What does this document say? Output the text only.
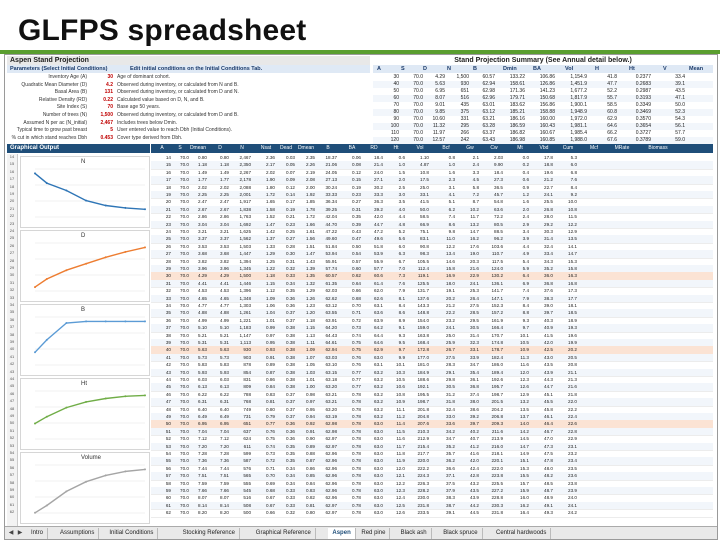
GLFPS spreadsheet
Aspen Stand Projection	Stand Projection Summary (See Annual detail below.)
Parameters (Select Initial Conditions)	Edit initial conditions on the Initial Conditions Tab.	A	S	D	N	B	Dmin	BA	Vol	H	Ht	V	Mean
Inventory Age (A)	30 Age of dominant cohort.
Quadratic Mean Diameter (D)	4.2 Observed during inventory, or calculated from N and B.
Basal Area (B)	131 Observed during inventory, or calculated from D and N.
Relative Density (RD)	0.22 Calculated value based on D, N, and B.
Site Index (S)	70 Base age 50 years.
Number of trees (N)	1,500 Observed during inventory, or calculated from D and B.
Assumed N per ac (N_initial)	2,467 Includes trees below Dmin.
Typical time to grow past breast	5 User entered value to reach Dbh (Initial Conditions).
% cut in which stand reaches Dbh	0.453 Cover type derived from Dbh.
30	70.0	4.29	1,500	60.57	133.22	106.86	1,154.9	41.8	0.2377	33.4
40	70.0	5.63	930	62.94	158.61	126.86	1,451.9	47.7	0.2683	39.1
50	70.0	6.95	651	62.98	171.36	141.23	1,677.2	52.2	0.2987	43.5
60	70.0	8.07	516	62.96	179.71	150.68	1,817.9	55.7	0.3193	47.1
70	70.0	9.01	435	63.01	183.62	156.86	1,900.1	58.5	0.3349	50.0
80	70.0	9.85	375	63.12	185.21	158.88	1,948.9	60.8	0.3469	52.3
90	70.0	10.60	331	63.21	186.16	160.00	1,972.0	62.9	0.3570	54.3
100	70.0	11.32	295	63.28	186.59	160.43	1,981.1	64.6	0.3654	56.1
110	70.0	11.97	266	63.37	186.82	160.67	1,985.4	66.2	0.3727	57.7
120	70.0	12.57	242	63.43	186.98	160.85	1,988.0	67.6	0.3789	59.0
Graphical Output	A	S	Dmean	D	N	Nsat	Dead	Dmean	B	BA	RD	Ht	Vol	Bcf	Gw	Cw	Mt	Vbd	Cum	Mcf	MRate	Biomass
14
15
16
17
18
19
20
21
22
23
24
25
26
27
28
29
30
31
32
33
34
35
36
37
38
39
40
41
42
43
44
45
46
47
48
49
50
51
52
53
54
55
56
57
58
59
60
61
62
N
D
B
Ht
Volume
14	70.0	0.80	0.80	2,467	2.36	0.03	2.35	18.37	0.06	18.4	0.6	1.10	0.8	2.1	2.03	0.0	17.8	5.3
15	70.0	1.18	1.18	2,350	2.17	0.05	2.26	21.06	0.08	21.4	1.0	4.87	1.0	2.4	9.90	0.2	18.8	6.0
16	70.0	1.49	1.49	2,267	2.02	0.07	2.19	24.05	0.12	24.0	1.5	10.8	1.6	3.3	18.4	0.4	19.6	6.8
17	70.0	1.77	1.77	2,178	1.90	0.09	2.08	27.13	0.15	27.1	2.0	17.5	2.3	4.5	27.3	0.6	21.2	7.6
18	70.0	2.02	2.02	2,088	1.80	0.12	2.00	30.24	0.19	30.2	2.5	25.0	3.1	5.8	36.5	0.9	22.7	8.4
19	70.0	2.25	2.25	2,001	1.72	0.14	1.92	33.33	0.23	33.3	3.0	33.1	4.1	7.2	45.7	1.2	24.1	9.2
20	70.0	2.47	2.47	1,917	1.65	0.17	1.85	36.34	0.27	36.3	3.5	41.5	5.1	8.7	54.8	1.6	25.5	10.0
21	70.0	2.67	2.67	1,838	1.58	0.19	1.78	39.25	0.31	39.2	4.0	50.0	6.2	10.2	63.6	2.0	26.8	10.8
22	70.0	2.86	2.86	1,763	1.52	0.21	1.72	42.04	0.35	42.0	4.4	58.5	7.4	11.7	72.2	2.4	28.0	11.5
23	70.0	3.04	3.04	1,692	1.47	0.23	1.66	44.70	0.39	44.7	4.8	66.9	8.6	13.2	80.5	2.9	29.2	12.2
24	70.0	3.21	3.21	1,625	1.42	0.25	1.61	47.22	0.43	47.2	5.2	75.1	9.8	14.7	88.5	3.4	30.3	12.9
25	70.0	3.37	3.37	1,562	1.37	0.27	1.56	49.60	0.47	49.6	5.6	83.1	11.0	16.2	96.2	3.9	31.4	13.5
26	70.0	3.53	3.53	1,503	1.33	0.28	1.51	51.84	0.50	51.8	6.0	90.8	12.2	17.6	103.6	4.4	32.4	14.1
27	70.0	3.68	3.68	1,447	1.29	0.30	1.47	53.94	0.54	53.9	6.3	98.3	13.4	19.0	110.7	4.9	33.4	14.7
28	70.0	3.82	3.82	1,394	1.25	0.31	1.43	55.91	0.57	55.9	6.7	105.5	14.6	20.3	117.5	5.4	34.3	15.3
29	70.0	3.96	3.96	1,345	1.22	0.32	1.39	57.74	0.60	57.7	7.0	112.4	15.8	21.6	124.0	5.9	35.2	15.8
30	70.0	4.29	4.29	1,500	1.18	0.33	1.35	60.57	0.62	60.6	7.3	119.1	16.9	22.9	130.2	6.4	36.0	16.3
31	70.0	4.41	4.41	1,446	1.15	0.34	1.32	61.35	0.64	61.4	7.6	125.5	18.0	24.1	136.1	6.9	36.8	16.8
32	70.0	4.53	4.53	1,396	1.12	0.35	1.29	62.03	0.66	62.0	7.9	131.7	19.1	25.3	141.7	7.4	37.6	17.3
33	70.0	4.65	4.65	1,348	1.09	0.36	1.26	62.62	0.68	62.6	8.1	137.6	20.2	26.4	147.1	7.9	38.3	17.7
34	70.0	4.77	4.77	1,303	1.06	0.36	1.23	63.12	0.70	63.1	8.4	143.3	21.2	27.5	152.3	8.4	39.0	18.1
35	70.0	4.88	4.88	1,261	1.04	0.37	1.20	63.55	0.71	63.6	8.6	148.8	22.2	28.5	157.2	8.8	39.7	18.5
36	70.0	4.99	4.99	1,221	1.01	0.37	1.18	63.91	0.72	63.9	8.9	154.0	23.2	29.5	161.9	9.3	40.3	18.9
37	70.0	5.10	5.10	1,183	0.99	0.38	1.15	64.20	0.73	64.2	9.1	159.0	24.1	30.5	166.4	9.7	40.9	19.3
38	70.0	5.21	5.21	1,147	0.97	0.38	1.13	64.43	0.74	64.4	9.3	163.8	25.0	31.4	170.7	10.1	41.5	19.6
39	70.0	5.31	5.31	1,113	0.95	0.38	1.11	64.61	0.75	64.6	9.5	168.4	25.9	32.3	174.8	10.5	42.0	19.9
40	70.0	5.63	5.63	930	0.93	0.38	1.09	62.94	0.75	62.9	9.7	172.8	26.7	33.1	178.7	10.9	42.5	20.2
41	70.0	5.73	5.73	903	0.91	0.38	1.07	63.03	0.76	63.0	9.9	177.0	27.5	33.9	182.4	11.3	43.0	20.5
42	70.0	5.83	5.83	878	0.89	0.38	1.05	63.10	0.76	63.1	10.1	181.0	28.3	34.7	186.0	11.6	43.5	20.8
43	70.0	5.93	5.93	854	0.87	0.38	1.03	63.15	0.77	63.2	10.3	184.9	29.1	35.4	189.4	12.0	43.9	21.1
44	70.0	6.03	6.03	831	0.86	0.38	1.01	63.18	0.77	63.2	10.5	188.6	29.8	36.1	192.6	12.3	44.3	21.3
45	70.0	6.13	6.13	809	0.84	0.38	1.00	63.20	0.77	63.2	10.6	192.1	30.5	36.8	195.7	12.6	44.7	21.6
46	70.0	6.22	6.22	788	0.83	0.37	0.98	63.21	0.78	63.2	10.8	195.5	31.2	37.4	198.7	12.9	45.1	21.8
47	70.0	6.31	6.31	768	0.81	0.37	0.97	63.21	0.78	63.2	10.9	198.7	31.8	38.0	201.5	13.2	45.5	22.0
48	70.0	6.40	6.40	749	0.80	0.37	0.95	63.20	0.78	63.2	11.1	201.8	32.4	38.6	204.2	13.5	45.8	22.2
49	70.0	6.49	6.49	731	0.79	0.37	0.94	63.19	0.78	63.2	11.2	204.8	33.0	39.2	206.8	13.7	46.1	22.4
50	70.0	6.95	6.95	651	0.77	0.36	0.92	62.98	0.78	63.0	11.4	207.6	33.6	39.7	209.3	14.0	46.4	22.6
51	70.0	7.04	7.04	637	0.76	0.36	0.91	62.98	0.78	63.0	11.5	210.3	34.2	40.2	211.6	14.2	46.7	22.8
52	70.0	7.12	7.12	624	0.75	0.36	0.90	62.97	0.78	63.0	11.6	212.9	34.7	40.7	213.9	14.5	47.0	22.9
53	70.0	7.20	7.20	611	0.74	0.35	0.89	62.97	0.78	63.0	11.7	215.4	35.2	41.2	216.0	14.7	47.3	23.1
54	70.0	7.28	7.28	599	0.73	0.35	0.88	62.96	0.78	63.0	11.8	217.7	35.7	41.6	218.1	14.9	47.5	23.2
55	70.0	7.36	7.36	587	0.72	0.35	0.87	62.96	0.78	63.0	11.9	220.0	36.2	42.0	220.1	15.1	47.8	23.4
56	70.0	7.44	7.44	576	0.71	0.34	0.86	62.96	0.78	63.0	12.0	222.2	36.6	42.4	222.0	15.3	48.0	23.5
57	70.0	7.51	7.51	565	0.70	0.34	0.85	62.96	0.78	63.0	12.1	224.3	37.1	42.8	223.8	15.5	48.2	23.6
58	70.0	7.59	7.59	555	0.69	0.34	0.84	62.96	0.78	63.0	12.2	226.3	37.5	43.2	225.5	15.7	48.5	23.8
59	70.0	7.66	7.66	545	0.68	0.33	0.83	62.96	0.78	63.0	12.3	228.2	37.9	43.5	227.2	15.9	48.7	23.9
60	70.0	8.07	8.07	516	0.67	0.33	0.82	62.96	0.78	63.0	12.4	230.0	38.3	43.9	228.8	16.0	48.9	24.0
61	70.0	8.14	8.14	508	0.67	0.33	0.81	62.97	0.78	63.0	12.5	231.8	38.7	44.2	230.3	16.2	49.1	24.1
62	70.0	8.20	8.20	500	0.66	0.32	0.80	62.97	0.78	63.0	12.6	233.5	39.1	44.5	231.8	16.4	49.3	24.2
◀ ▶	Intro	Assumptions	Initial Conditions	Stocking Reference	Graphical Reference	Aspen	Red pine	Black ash	Black spruce	Central hardwoods
